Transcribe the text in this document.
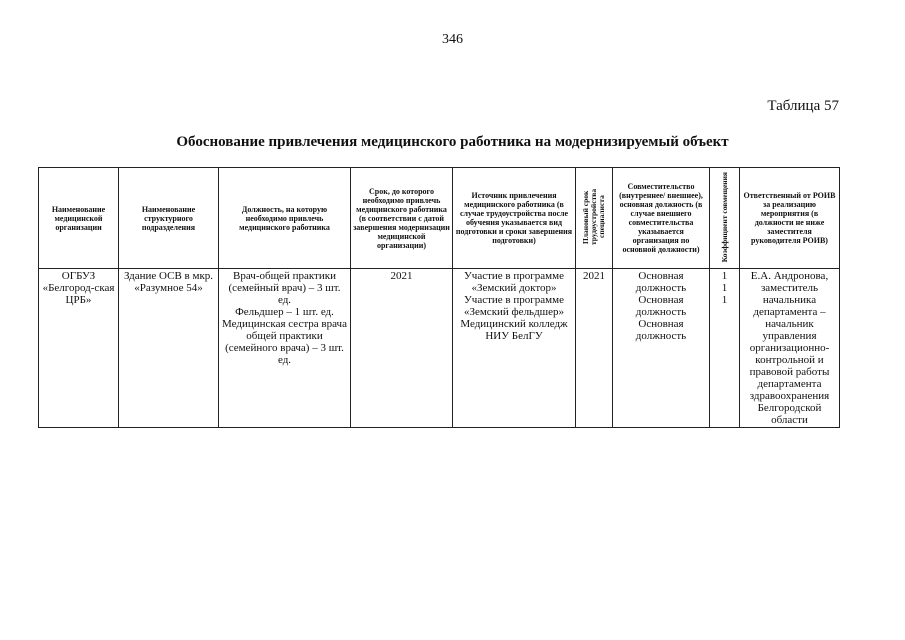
346
Таблица 57
Обоснование привлечения медицинского работника на модернизируемый объект
Наименование медицинской организации	Наименование структурного подразделения	Должность, на которую необходимо привлечь медицинского работника	Срок, до которого необходимо привлечь медицинского работника (в соответствии с датой завершения модернизации медицинской организации)	Источник привлечения медицинского работника (в случае трудоустройства после обучения указывается вид подготовки и сроки завершения подготовки)	Плановый срок трудоустройства специалиста	Совместительство (внутреннее/ внешнее), основная должность (в случае внешнего совместительства указывается организация по основной должности)	Коэффициент совмещения	Ответственный от РОИВ за реализацию мероприятия (в должности не ниже заместителя руководителя РОИВ)
ОГБУЗ «Белгород-ская ЦРБ»	Здание ОСВ в мкр. «Разумное 54»	Врач-общей практики (семейный врач) – 3 шт. ед.
Фельдшер – 1 шт. ед.
Медицинская сестра врача общей практики (семейного врача) – 3 шт. ед.	2021	Участие в программе «Земский доктор»
Участие в программе «Земский фельдшер»
Медицинский колледж НИУ БелГУ	2021	Основная должность
Основная должность
Основная должность	1
1
1	Е.А. Андронова, заместитель начальника департамента – начальник управления организационно-контрольной и правовой работы департамента здравоохранения Белгородской области
